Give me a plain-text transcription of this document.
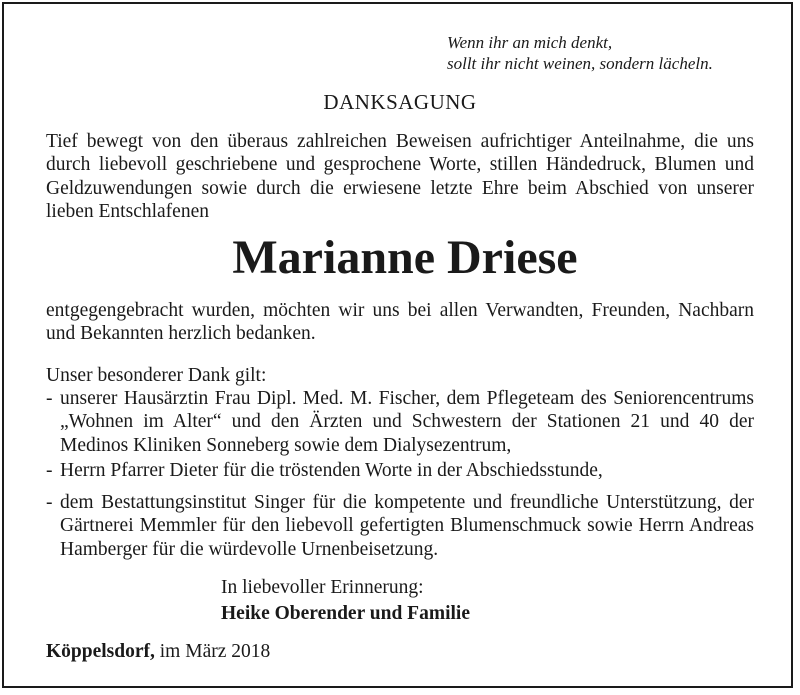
Wenn ihr an mich denkt,
sollt ihr nicht weinen, sondern lächeln.
DANKSAGUNG
Tief bewegt von den überaus zahlreichen Beweisen aufrichtiger Anteilnahme, die uns durch liebevoll geschriebene und gesprochene Worte, stillen Händedruck, Blumen und Geldzuwendungen sowie durch die erwiesene letzte Ehre beim Abschied von unserer lieben Entschlafenen
Marianne Driese
entgegengebracht wurden, möchten wir uns bei allen Verwandten, Freunden, Nachbarn und Bekannten herzlich bedanken.
Unser besonderer Dank gilt:
- unserer Hausärztin Frau Dipl. Med. M. Fischer, dem Pflegeteam des Seniorencentrums „Wohnen im Alter“ und den Ärzten und Schwestern der Stationen 21 und 40 der Medinos Kliniken Sonneberg sowie dem Dialysezentrum,
- Herrn Pfarrer Dieter für die tröstenden Worte in der Abschiedsstunde,
- dem Bestattungsinstitut Singer für die kompetente und freundliche Unterstützung, der Gärtnerei Memmler für den liebevoll gefertigten Blumenschmuck sowie Herrn Andreas Hamberger für die würdevolle Urnenbeisetzung.
In liebevoller Erinnerung:
Heike Oberender und Familie
Köppelsdorf, im März 2018
